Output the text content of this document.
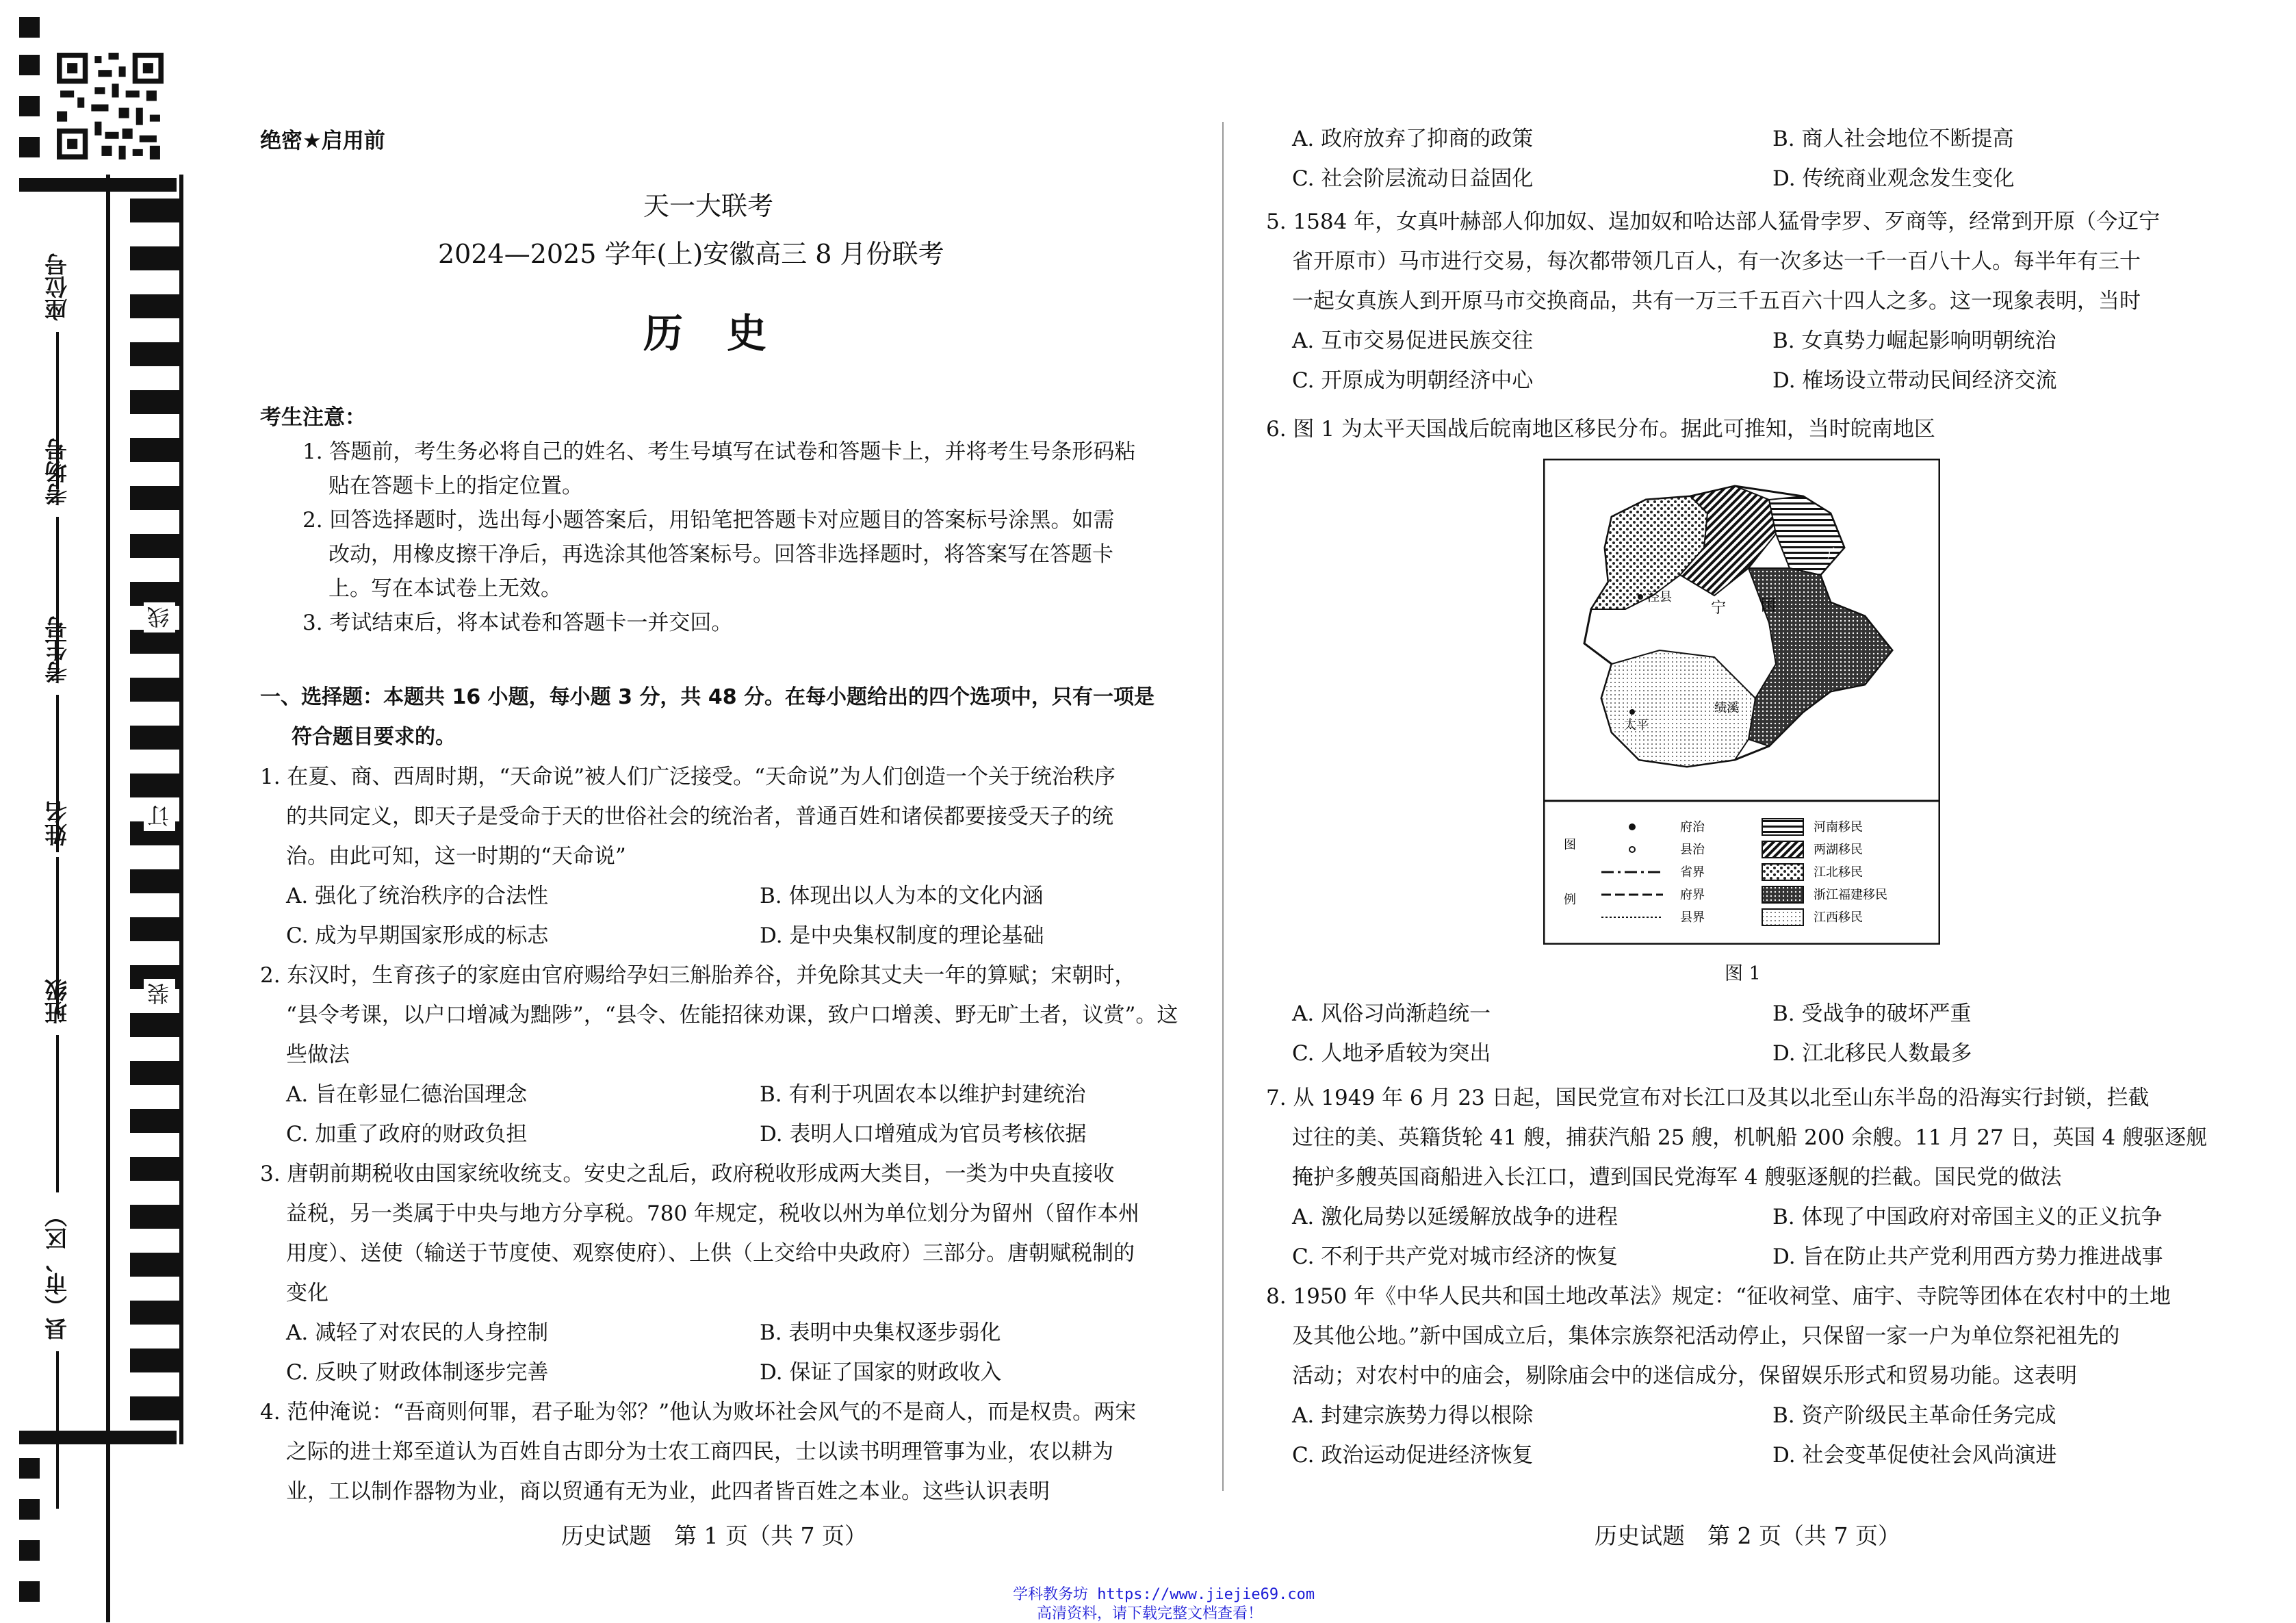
座位号
考场号
考生号
姓名
班级
县（市、区）
线
订
装
绝密★启用前
天一大联考
2024—2025 学年(上)安徽高三 8 月份联考
历史
考生注意：
1. 答题前，考生务必将自己的姓名、考生号填写在试卷和答题卡上，并将考生号条形码粘
贴在答题卡上的指定位置。
2. 回答选择题时，选出每小题答案后，用铅笔把答题卡对应题目的答案标号涂黑。如需
改动，用橡皮擦干净后，再选涂其他答案标号。回答非选择题时，将答案写在答题卡
上。写在本试卷上无效。
3. 考试结束后，将本试卷和答题卡一并交回。
一、选择题：本题共 16 小题，每小题 3 分，共 48 分。在每小题给出的四个选项中，只有一项是
符合题目要求的。
1. 在夏、商、西周时期，“天命说”被人们广泛接受。“天命说”为人们创造一个关于统治秩序
的共同定义，即天子是受命于天的世俗社会的统治者，普通百姓和诸侯都要接受天子的统
治。由此可知，这一时期的“天命说”
A. 强化了统治秩序的合法性	B. 体现出以人为本的文化内涵
C. 成为早期国家形成的标志	D. 是中央集权制度的理论基础
2. 东汉时，生育孩子的家庭由官府赐给孕妇三斛胎养谷，并免除其丈夫一年的算赋；宋朝时，
“县令考课，以户口增减为黜陟”，“县令、佐能招徕劝课，致户口增羡、野无旷土者，议赏”。这
些做法
A. 旨在彰显仁德治国理念	B. 有利于巩固农本以维护封建统治
C. 加重了政府的财政负担	D. 表明人口增殖成为官员考核依据
3. 唐朝前期税收由国家统收统支。安史之乱后，政府税收形成两大类目，一类为中央直接收
益税，另一类属于中央与地方分享税。780 年规定，税收以州为单位划分为留州（留作本州
用度）、送使（输送于节度使、观察使府）、上供（上交给中央政府）三部分。唐朝赋税制的
变化
A. 减轻了对农民的人身控制	B. 表明中央集权逐步弱化
C. 反映了财政体制逐步完善	D. 保证了国家的财政收入
4. 范仲淹说：“吾商则何罪，君子耻为邻？”他认为败坏社会风气的不是商人，而是权贵。两宋
之际的进士郑至道认为百姓自古即分为士农工商四民，士以读书明理管事为业，农以耕为
业，工以制作器物为业，商以贸通有无为业，此四者皆百姓之本业。这些认识表明
历史试题　第 1 页（共 7 页）
A. 政府放弃了抑商的政策	B. 商人社会地位不断提高
C. 社会阶层流动日益固化	D. 传统商业观念发生变化
5. 1584 年，女真叶赫部人仰加奴、逞加奴和哈达部人猛骨孛罗、歹商等，经常到开原（今辽宁
省开原市）马市进行交易，每次都带领几百人，有一次多达一千一百八十人。每半年有三十
一起女真族人到开原马市交换商品，共有一万三千五百六十四人之多。这一现象表明，当时
A. 互市交易促进民族交往	B. 女真势力崛起影响明朝统治
C. 开原成为明朝经济中心	D. 榷场设立带动民间经济交流
6. 图 1 为太平天国战后皖南地区移民分布。据此可推知，当时皖南地区
宁 国
泾县
太平
绩溪
广
州
图
例
府治
县治
省界
府界
县界
河南移民
两湖移民
江北移民
浙江福建移民
江西移民
图 1
A. 风俗习尚渐趋统一	B. 受战争的破坏严重
C. 人地矛盾较为突出	D. 江北移民人数最多
7. 从 1949 年 6 月 23 日起，国民党宣布对长江口及其以北至山东半岛的沿海实行封锁，拦截
过往的美、英籍货轮 41 艘，捕获汽船 25 艘，机帆船 200 余艘。11 月 27 日，英国 4 艘驱逐舰
掩护多艘英国商船进入长江口，遭到国民党海军 4 艘驱逐舰的拦截。国民党的做法
A. 激化局势以延缓解放战争的进程	B. 体现了中国政府对帝国主义的正义抗争
C. 不利于共产党对城市经济的恢复	D. 旨在防止共产党利用西方势力推进战事
8. 1950 年《中华人民共和国土地改革法》规定：“征收祠堂、庙宇、寺院等团体在农村中的土地
及其他公地。”新中国成立后，集体宗族祭祀活动停止，只保留一家一户为单位祭祀祖先的
活动；对农村中的庙会，剔除庙会中的迷信成分，保留娱乐形式和贸易功能。这表明
A. 封建宗族势力得以根除	B. 资产阶级民主革命任务完成
C. 政治运动促进经济恢复	D. 社会变革促使社会风尚演进
历史试题　第 2 页（共 7 页）
学科教务坊 https://www.jiejie69.com
高清资料，请下载完整文档查看！
